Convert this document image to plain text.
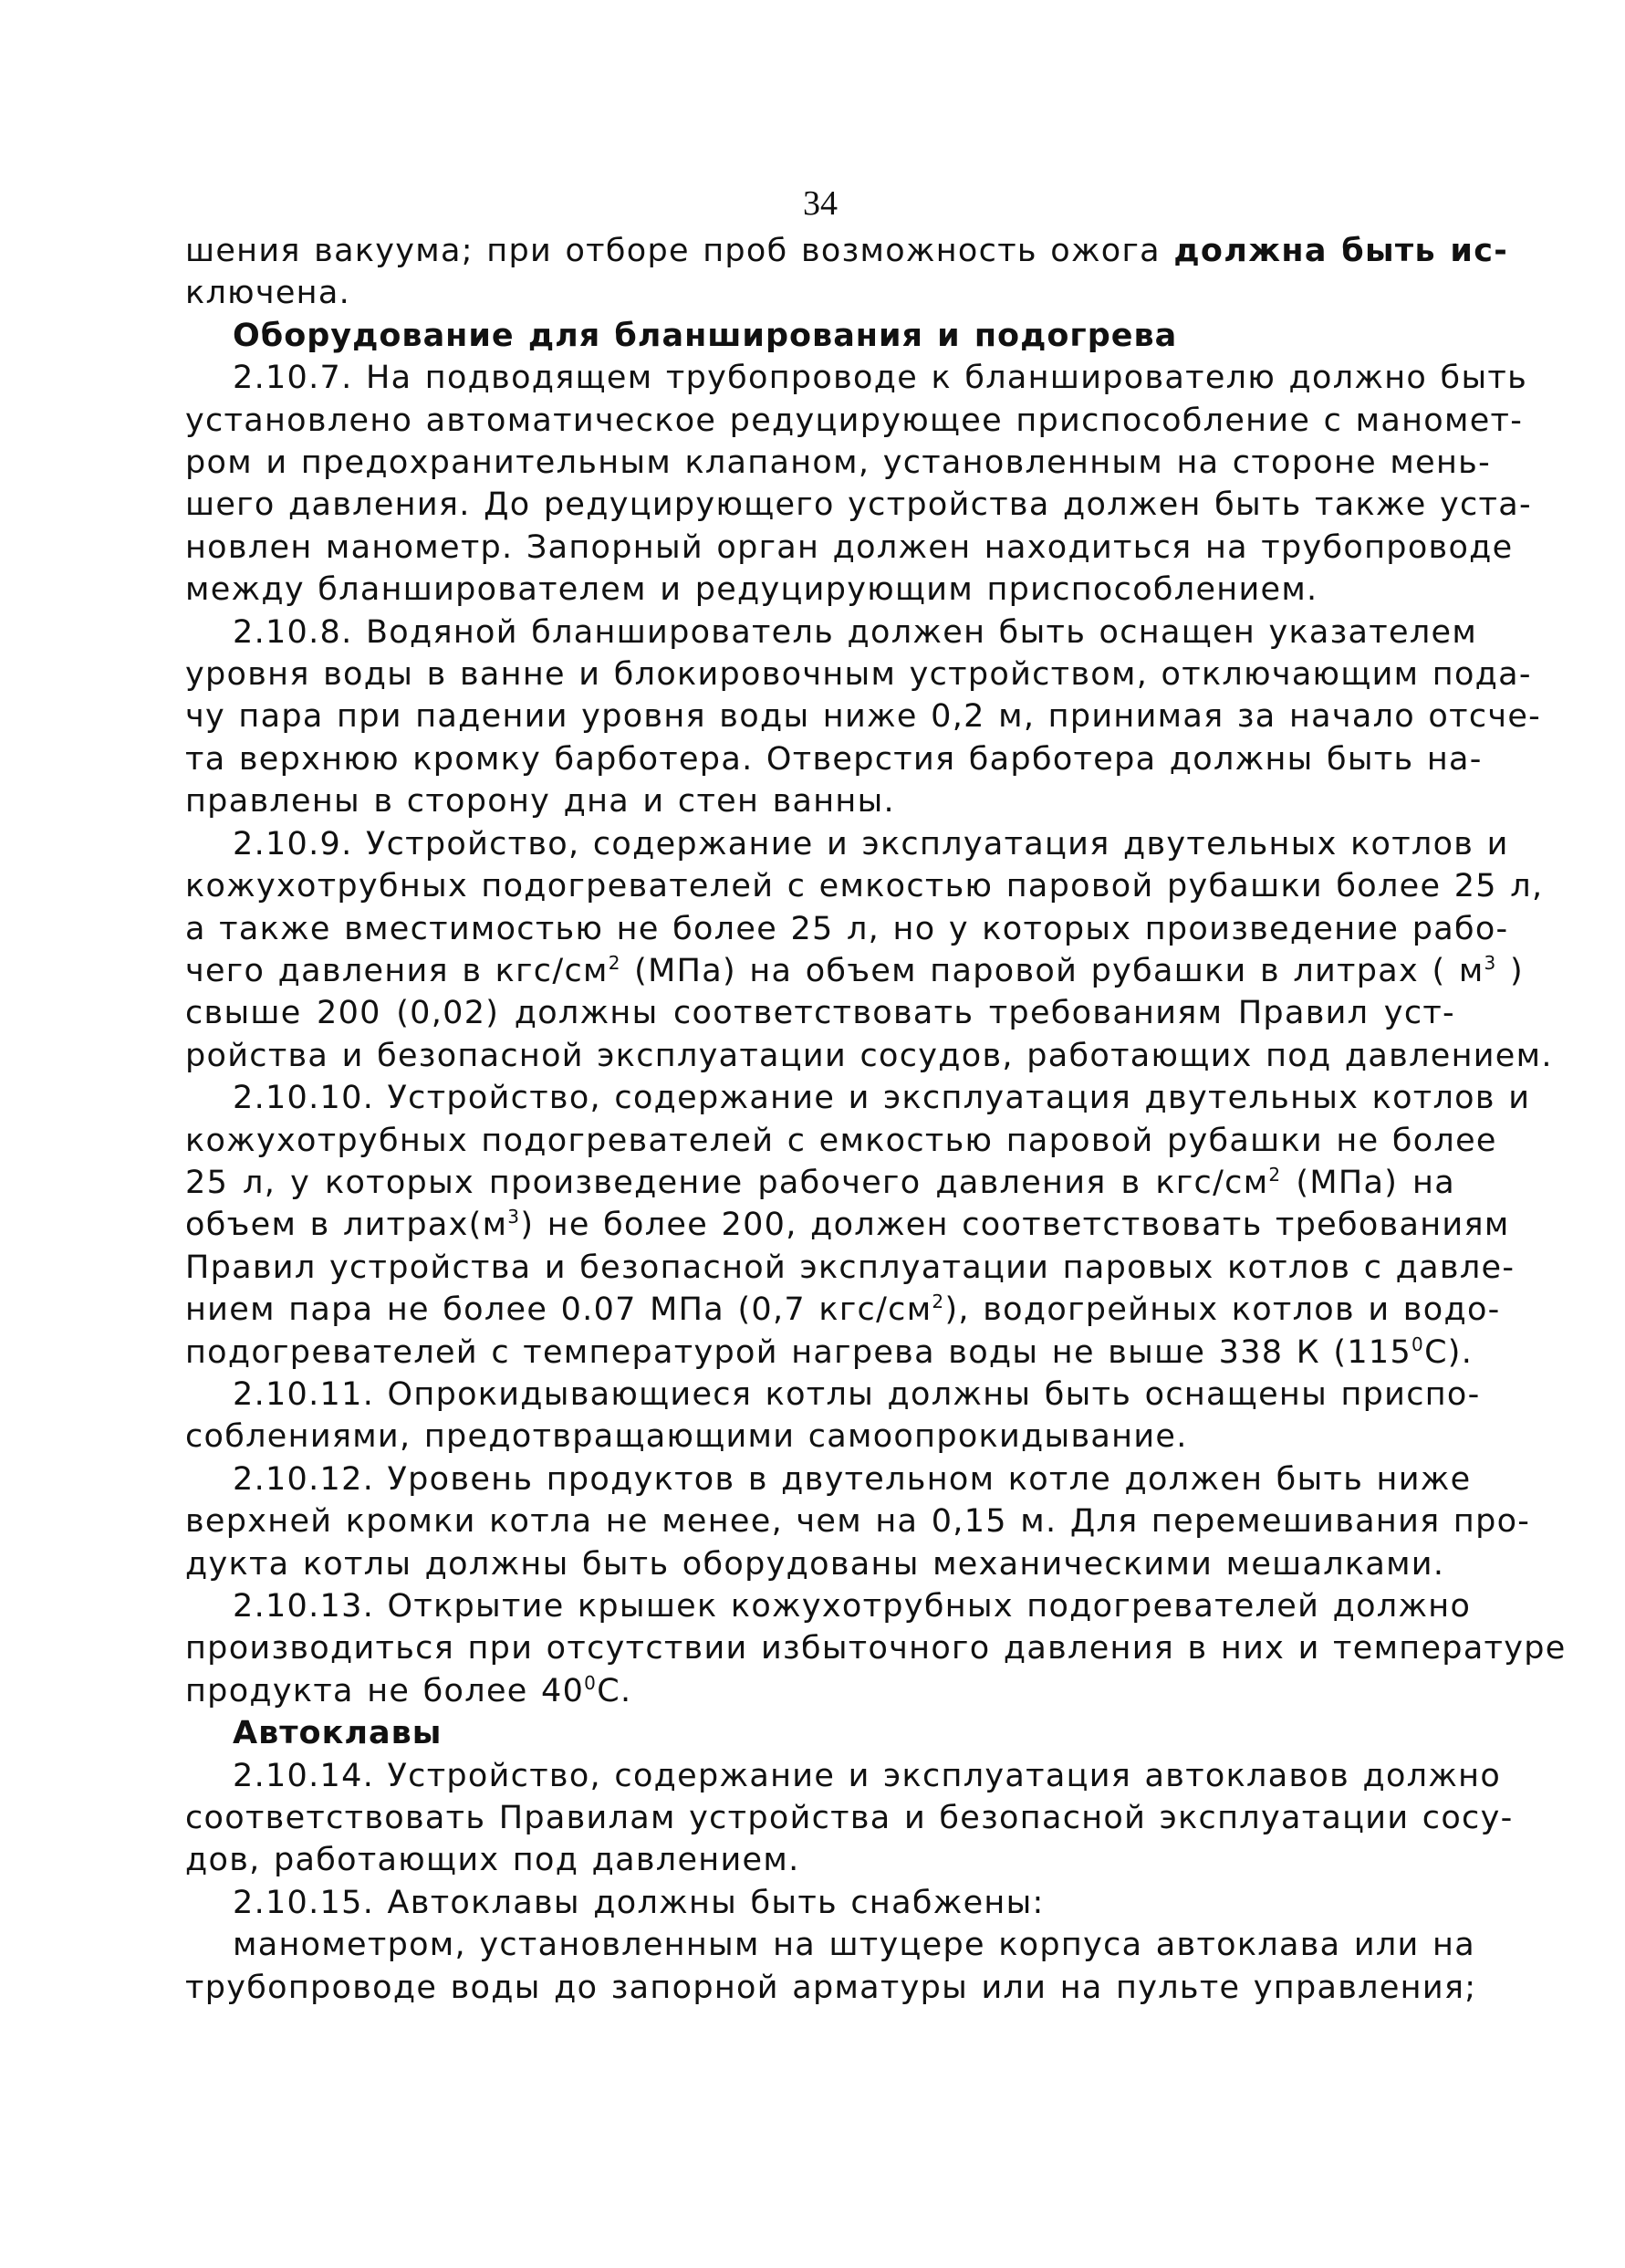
34
шения вакуума; при отборе проб возможность ожога должна быть ис-
ключена.
Оборудование для бланширования и подогрева
2.10.7. На подводящем трубопроводе к бланширователю должно быть
установлено автоматическое редуцирующее приспособление с маномет-
ром и предохранительным клапаном, установленным на стороне мень-
шего давления. До редуцирующего устройства должен быть также уста-
новлен манометр. Запорный орган должен находиться на трубопроводе
между бланширователем и редуцирующим приспособлением.
2.10.8. Водяной бланширователь должен быть оснащен указателем
уровня воды в ванне и блокировочным устройством, отключающим пода-
чу пара при падении уровня воды ниже 0,2 м, принимая за начало отсче-
та верхнюю кромку барботера. Отверстия барботера должны быть на-
правлены в сторону дна и стен ванны.
2.10.9. Устройство, содержание и эксплуатация двутельных котлов и
кожухотрубных подогревателей с емкостью паровой рубашки более 25 л,
а также вместимостью не более 25 л, но у которых произведение рабо-
чего давления в кгс/$см^2$ (МПа) на объем паровой рубашки в литрах ( $м^3$ )
свыше 200 (0,02) должны соответствовать требованиям Правил уст-
ройства и безопасной эксплуатации сосудов, работающих под давлением.
2.10.10. Устройство, содержание и эксплуатация двутельных котлов и
кожухотрубных подогревателей с емкостью паровой рубашки не более
25 л, у которых произведение рабочего давления в кгс/$см^2$ (МПа) на
объем в $литрах(м^3)$ не более 200, должен соответствовать требованиям
Правил устройства и безопасной эксплуатации паровых котлов с давле-
нием пара не более 0.07 МПа (0,7 кгс/$см^2$), водогрейных котлов и водо-
подогревателей с температурой нагрева воды не выше 338 К $(115^0С)$.
2.10.11. Опрокидывающиеся котлы должны быть оснащены приспо-
соблениями, предотвращающими самоопрокидывание.
2.10.12. Уровень продуктов в двутельном котле должен быть ниже
верхней кромки котла не менее, чем на 0,15 м. Для перемешивания про-
дукта котлы должны быть оборудованы механическими мешалками.
2.10.13. Открытие крышек кожухотрубных подогревателей должно
производиться при отсутствии избыточного давления в них и температуре
продукта не более $40^0С$.
Автоклавы
2.10.14. Устройство, содержание и эксплуатация автоклавов должно
соответствовать Правилам устройства и безопасной эксплуатации сосу-
дов, работающих под давлением.
2.10.15. Автоклавы должны быть снабжены:
манометром, установленным на штуцере корпуса автоклава или на
трубопроводе воды до запорной арматуры или на пульте управления;
